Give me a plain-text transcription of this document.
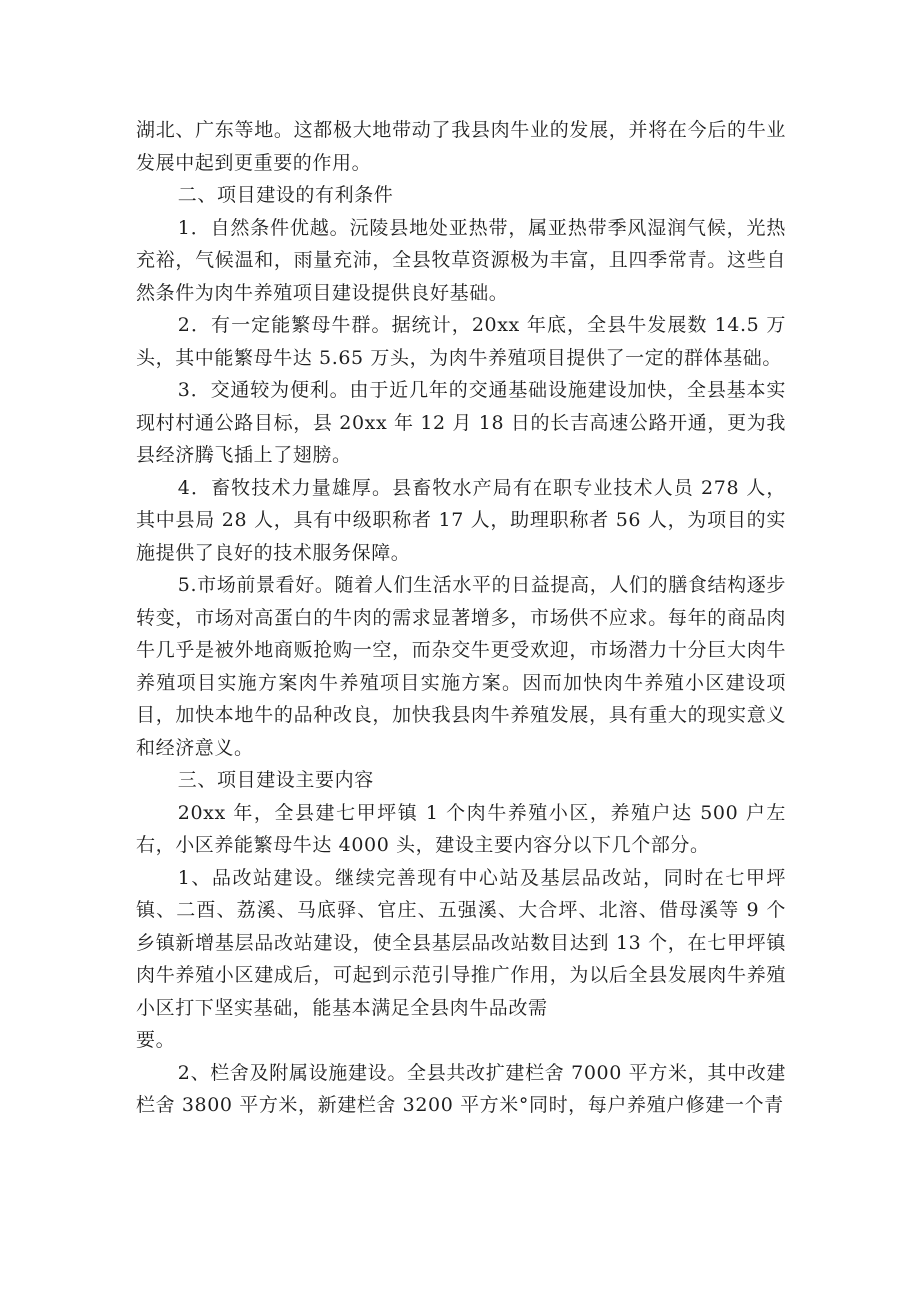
湖北、广东等地。这都极大地带动了我县肉牛业的发展，并将在今后的牛业发展中起到更重要的作用。

二、项目建设的有利条件

1．自然条件优越。沅陵县地处亚热带，属亚热带季风湿润气候，光热充裕，气候温和，雨量充沛，全县牧草资源极为丰富，且四季常青。这些自然条件为肉牛养殖项目建设提供良好基础。

2．有一定能繁母牛群。据统计，20xx 年底，全县牛发展数 14.5 万头，其中能繁母牛达 5.65 万头，为肉牛养殖项目提供了一定的群体基础。

3．交通较为便利。由于近几年的交通基础设施建设加快，全县基本实现村村通公路目标，县 20xx 年 12 月 18 日的长吉高速公路开通，更为我县经济腾飞插上了翅膀。

4．畜牧技术力量雄厚。县畜牧水产局有在职专业技术人员 278 人，其中县局 28 人，具有中级职称者 17 人，助理职称者 56 人，为项目的实施提供了良好的技术服务保障。

5.市场前景看好。随着人们生活水平的日益提高，人们的膳食结构逐步转变，市场对高蛋白的牛肉的需求显著增多，市场供不应求。每年的商品肉牛几乎是被外地商贩抢购一空，而杂交牛更受欢迎，市场潜力十分巨大肉牛养殖项目实施方案肉牛养殖项目实施方案。因而加快肉牛养殖小区建设项目，加快本地牛的品种改良，加快我县肉牛养殖发展，具有重大的现实意义和经济意义。

三、项目建设主要内容

20xx 年，全县建七甲坪镇 1 个肉牛养殖小区，养殖户达 500 户左右，小区养能繁母牛达 4000 头，建设主要内容分以下几个部分。

1、品改站建设。继续完善现有中心站及基层品改站，同时在七甲坪镇、二酉、荔溪、马底驿、官庄、五强溪、大合坪、北溶、借母溪等 9 个乡镇新增基层品改站建设，使全县基层品改站数目达到 13 个，在七甲坪镇肉牛养殖小区建成后，可起到示范引导推广作用，为以后全县发展肉牛养殖小区打下坚实基础，能基本满足全县肉牛品改需

要。

2、栏舍及附属设施建设。全县共改扩建栏舍 7000 平方米，其中改建栏舍 3800 平方米，新建栏舍 3200 平方米°同时，每户养殖户修建一个青
